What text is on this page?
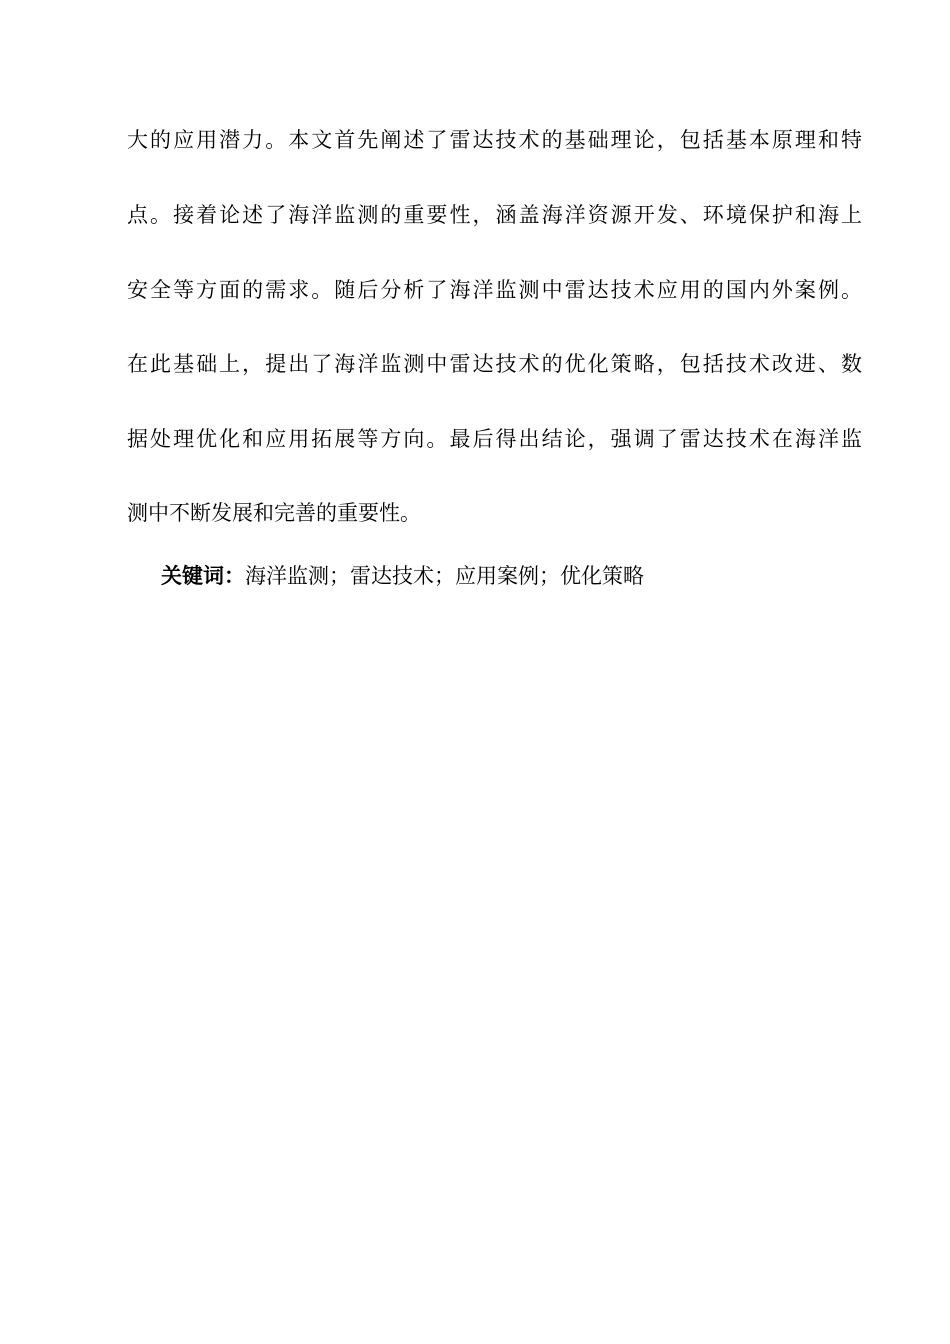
大的应用潜力。本文首先阐述了雷达技术的基础理论，包括基本原理和特
点。接着论述了海洋监测的重要性，涵盖海洋资源开发、环境保护和海上
安全等方面的需求。随后分析了海洋监测中雷达技术应用的国内外案例。
在此基础上，提出了海洋监测中雷达技术的优化策略，包括技术改进、数
据处理优化和应用拓展等方向。最后得出结论，强调了雷达技术在海洋监
测中不断发展和完善的重要性。
关键词：海洋监测；雷达技术；应用案例；优化策略
